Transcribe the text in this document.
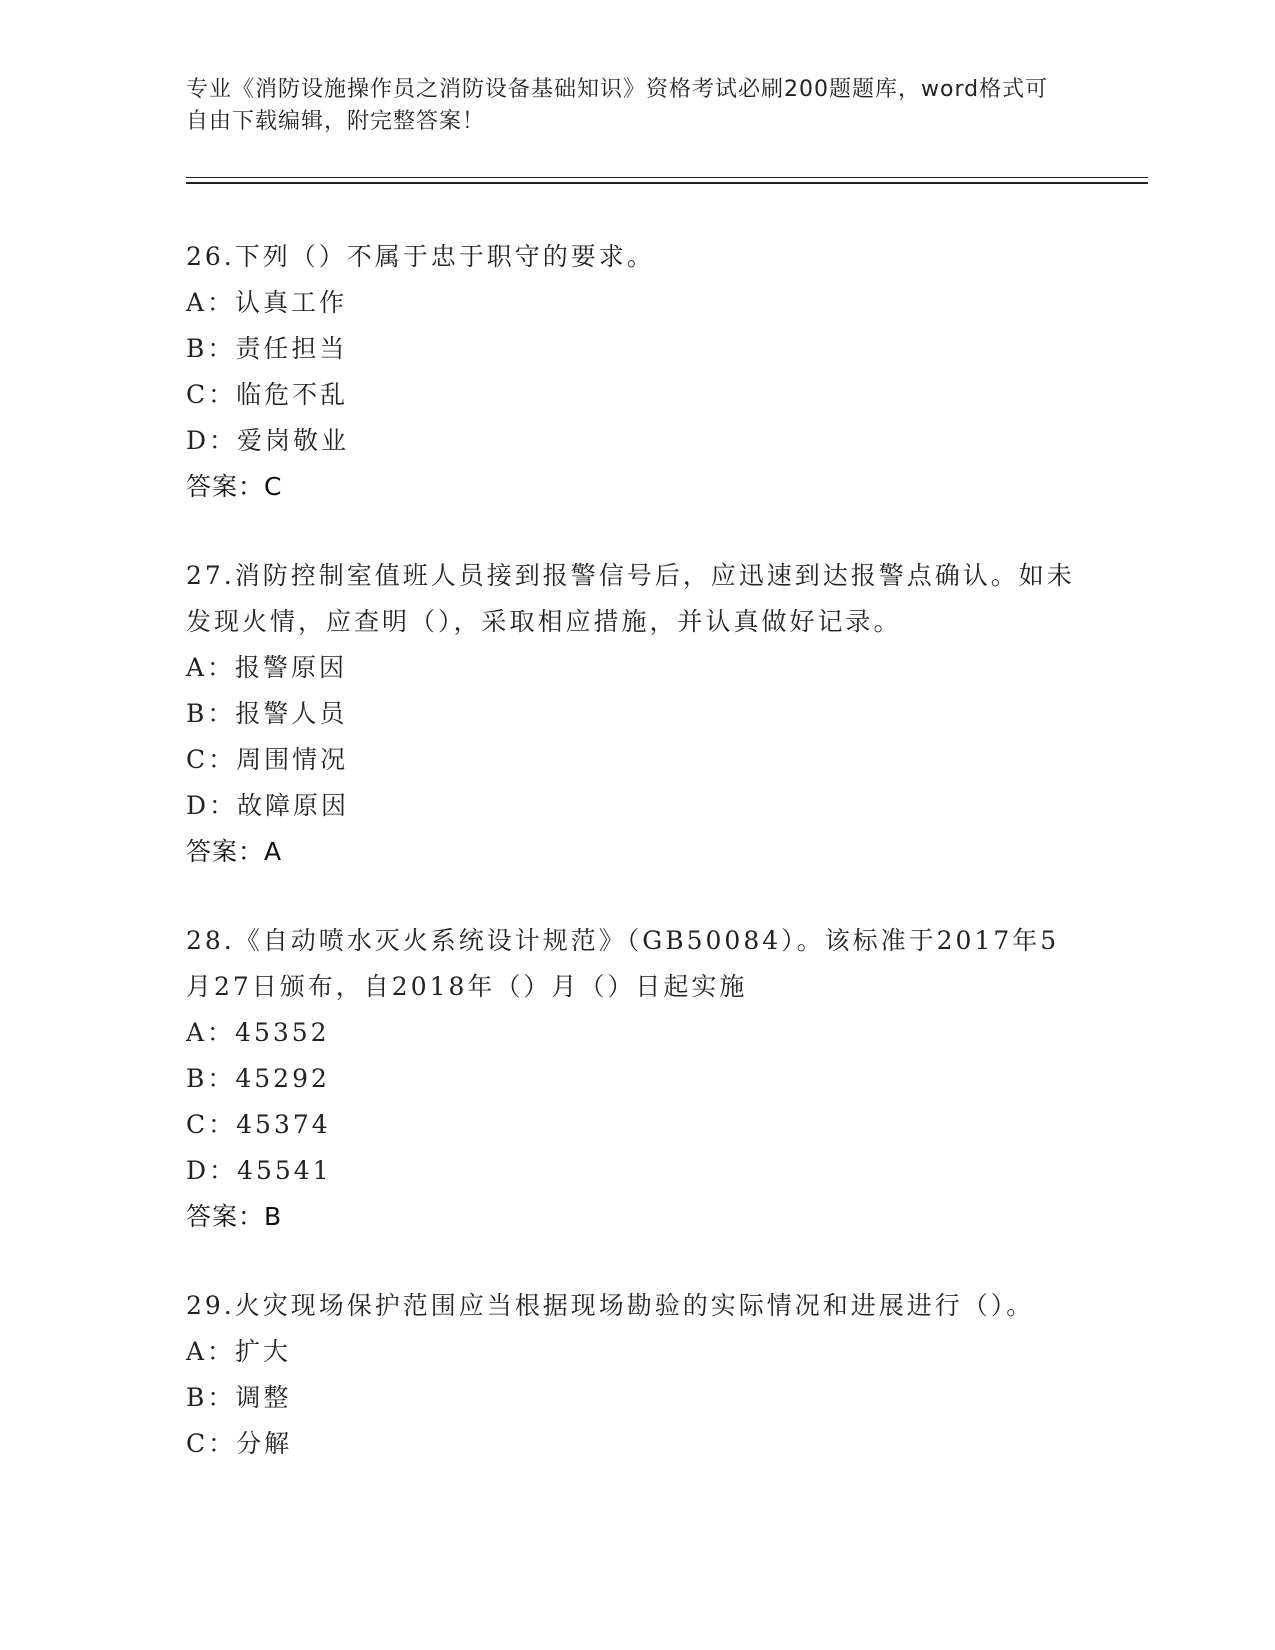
专业《消防设施操作员之消防设备基础知识》资格考试必刷200题题库，word格式可自由下载编辑，附完整答案！
26.下列（）不属于忠于职守的要求。
A：认真工作
B：责任担当
C：临危不乱
D：爱岗敬业
答案：C
27.消防控制室值班人员接到报警信号后，应迅速到达报警点确认。如未发现火情，应查明（），采取相应措施，并认真做好记录。
A：报警原因
B：报警人员
C：周围情况
D：故障原因
答案：A
28.《自动喷水灭火系统设计规范》（GB50084）。该标准于2017年5月27日颁布，自2018年（）月（）日起实施
A：45352
B：45292
C：45374
D：45541
答案：B
29.火灾现场保护范围应当根据现场勘验的实际情况和进展进行（）。
A：扩大
B：调整
C：分解
